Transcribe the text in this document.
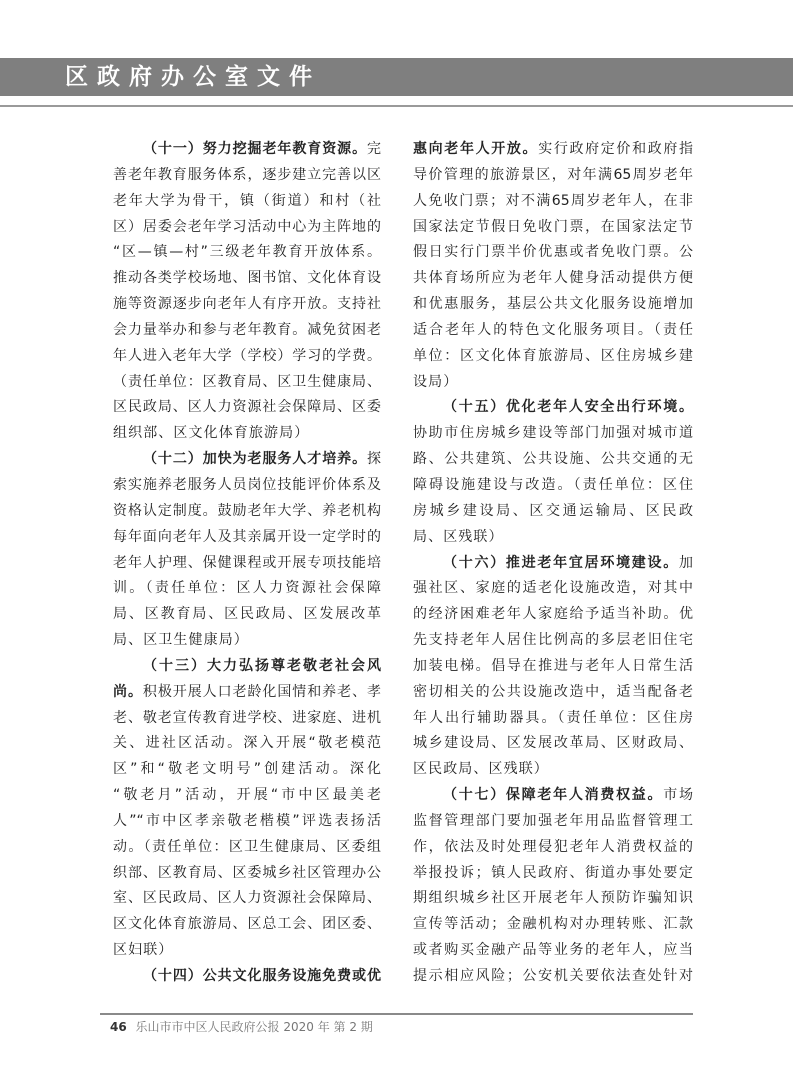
区政府办公室文件
（十一）努力挖掘老年教育资源。完
善老年教育服务体系，逐步建立完善以区
老年大学为骨干，镇（街道）和村（社
区）居委会老年学习活动中心为主阵地的
“区—镇—村”三级老年教育开放体系。
推动各类学校场地、图书馆、文化体育设
施等资源逐步向老年人有序开放。支持社
会力量举办和参与老年教育。减免贫困老
年人进入老年大学（学校）学习的学费。
（责任单位：区教育局、区卫生健康局、
区民政局、区人力资源社会保障局、区委
组织部、区文化体育旅游局）
（十二）加快为老服务人才培养。探
索实施养老服务人员岗位技能评价体系及
资格认定制度。鼓励老年大学、养老机构
每年面向老年人及其亲属开设一定学时的
老年人护理、保健课程或开展专项技能培
训。（责任单位：区人力资源社会保障
局、区教育局、区民政局、区发展改革
局、区卫生健康局）
（十三）大力弘扬尊老敬老社会风
尚。积极开展人口老龄化国情和养老、孝
老、敬老宣传教育进学校、进家庭、进机
关、进社区活动。深入开展“敬老模范
区”和“敬老文明号”创建活动。深化
“敬老月”活动，开展“市中区最美老
人”“市中区孝亲敬老楷模”评选表扬活
动。（责任单位：区卫生健康局、区委组
织部、区教育局、区委城乡社区管理办公
室、区民政局、区人力资源社会保障局、
区文化体育旅游局、区总工会、团区委、
区妇联）
（十四）公共文化服务设施免费或优
惠向老年人开放。实行政府定价和政府指
导价管理的旅游景区，对年满65周岁老年
人免收门票；对不满65周岁老年人，在非
国家法定节假日免收门票，在国家法定节
假日实行门票半价优惠或者免收门票。公
共体育场所应为老年人健身活动提供方便
和优惠服务，基层公共文化服务设施增加
适合老年人的特色文化服务项目。（责任
单位：区文化体育旅游局、区住房城乡建
设局）
（十五）优化老年人安全出行环境。
协助市住房城乡建设等部门加强对城市道
路、公共建筑、公共设施、公共交通的无
障碍设施建设与改造。（责任单位：区住
房城乡建设局、区交通运输局、区民政
局、区残联）
（十六）推进老年宜居环境建设。加
强社区、家庭的适老化设施改造，对其中
的经济困难老年人家庭给予适当补助。优
先支持老年人居住比例高的多层老旧住宅
加装电梯。倡导在推进与老年人日常生活
密切相关的公共设施改造中，适当配备老
年人出行辅助器具。（责任单位：区住房
城乡建设局、区发展改革局、区财政局、
区民政局、区残联）
（十七）保障老年人消费权益。市场
监督管理部门要加强老年用品监督管理工
作，依法及时处理侵犯老年人消费权益的
举报投诉；镇人民政府、街道办事处要定
期组织城乡社区开展老年人预防诈骗知识
宣传等活动；金融机构对办理转账、汇款
或者购买金融产品等业务的老年人，应当
提示相应风险；公安机关要依法查处针对
46 乐山市市中区人民政府公报 2020 年 第 2 期
